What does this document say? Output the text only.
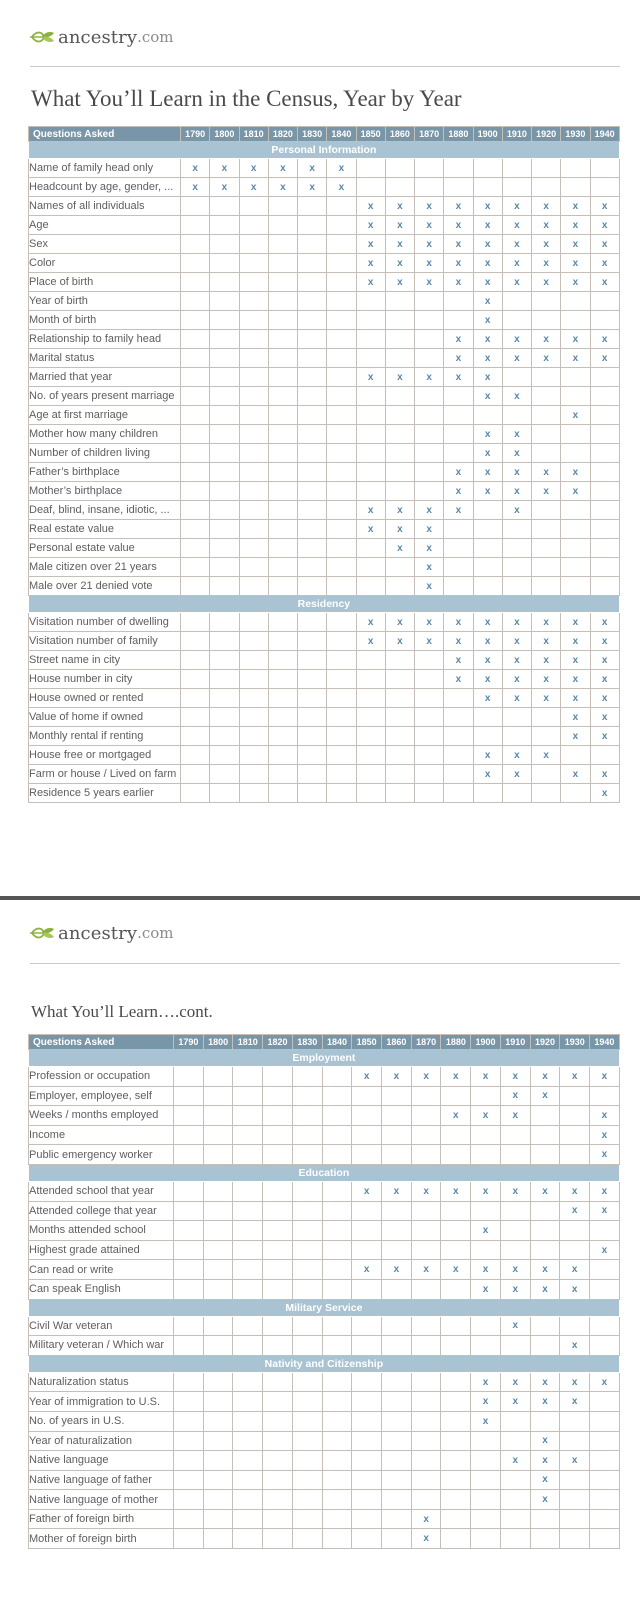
ancestry .com
What You’ll Learn in the Census, Year by Year
Questions Asked	1790	1800	1810	1820	1830	1840	1850	1860	1870	1880	1900	1910	1920	1930	1940
Personal Information															
Name of family head only	x	x	x	x	x	x									
Headcount by age, gender, ...	x	x	x	x	x	x									
Names of all individuals							x	x	x	x	x	x	x	x	x
Age							x	x	x	x	x	x	x	x	x
Sex							x	x	x	x	x	x	x	x	x
Color							x	x	x	x	x	x	x	x	x
Place of birth							x	x	x	x	x	x	x	x	x
Year of birth											x				
Month of birth											x				
Relationship to family head										x	x	x	x	x	x
Marital status										x	x	x	x	x	x
Married that year							x	x	x	x	x				
No. of years present marriage											x	x			
Age at first marriage														x	
Mother how many children											x	x			
Number of children living											x	x			
Father’s birthplace										x	x	x	x	x	
Mother’s birthplace										x	x	x	x	x	
Deaf, blind, insane, idiotic, ...							x	x	x	x		x			
Real estate value							x	x	x						
Personal estate value								x	x						
Male citizen over 21 years									x						
Male over 21 denied vote									x						
Residency															
Visitation number of dwelling							x	x	x	x	x	x	x	x	x
Visitation number of family							x	x	x	x	x	x	x	x	x
Street name in city										x	x	x	x	x	x
House number in city										x	x	x	x	x	x
House owned or rented											x	x	x	x	x
Value of home if owned														x	x
Monthly rental if renting														x	x
House free or mortgaged											x	x	x		
Farm or house / Lived on farm											x	x		x	x
Residence 5 years earlier															x
ancestry .com
What You’ll Learn….cont.
Questions Asked	1790	1800	1810	1820	1830	1840	1850	1860	1870	1880	1900	1910	1920	1930	1940
Employment															
Profession or occupation							x	x	x	x	x	x	x	x	x
Employer, employee, self												x	x		
Weeks / months employed										x	x	x			x
Income															x
Public emergency worker															x
Education															
Attended school that year							x	x	x	x	x	x	x	x	x
Attended college that year														x	x
Months attended school											x				
Highest grade attained															x
Can read or write							x	x	x	x	x	x	x	x	
Can speak English											x	x	x	x	
Military Service															
Civil War veteran												x			
Military veteran / Which war														x	
Nativity and Citizenship															
Naturalization status											x	x	x	x	x
Year of immigration to U.S.											x	x	x	x	
No. of years in U.S.											x				
Year of naturalization													x		
Native language												x	x	x	
Native language of father													x		
Native language of mother													x		
Father of foreign birth									x						
Mother of foreign birth									x						
